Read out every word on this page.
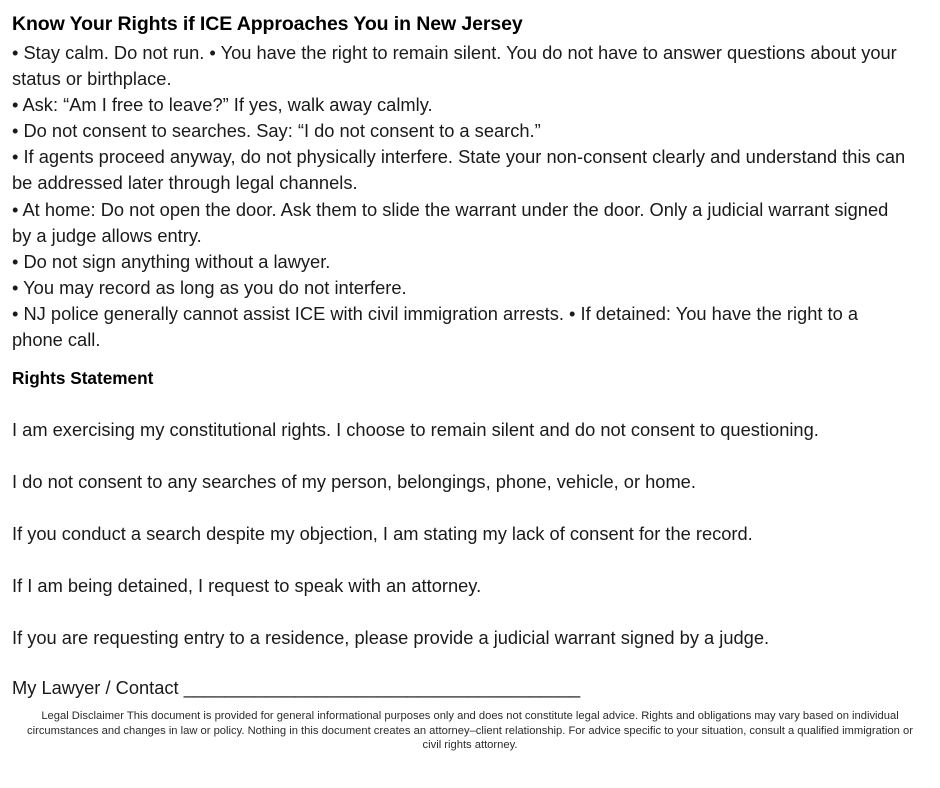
Know Your Rights if ICE Approaches You in New Jersey

• Stay calm. Do not run. • You have the right to remain silent. You do not have to answer questions about your status or birthplace.

• Ask: “Am I free to leave?” If yes, walk away calmly.

• Do not consent to searches. Say: “I do not consent to a search.”

• If agents proceed anyway, do not physically interfere. State your non-consent clearly and understand this can be addressed later through legal channels.

• At home: Do not open the door. Ask them to slide the warrant under the door. Only a judicial warrant signed by a judge allows entry.

• Do not sign anything without a lawyer.

• You may record as long as you do not interfere.

• NJ police generally cannot assist ICE with civil immigration arrests. • If detained: You have the right to a phone call.

Rights Statement

I am exercising my constitutional rights. I choose to remain silent and do not consent to questioning.

I do not consent to any searches of my person, belongings, phone, vehicle, or home.

If you conduct a search despite my objection, I am stating my lack of consent for the record.

If I am being detained, I request to speak with an attorney.

If you are requesting entry to a residence, please provide a judicial warrant signed by a judge.

My Lawyer / Contact _______________________________________

Legal Disclaimer This document is provided for general informational purposes only and does not constitute legal advice. Rights and obligations may vary based on individual circumstances and changes in law or policy. Nothing in this document creates an attorney–client relationship. For advice specific to your situation, consult a qualified immigration or civil rights attorney.
